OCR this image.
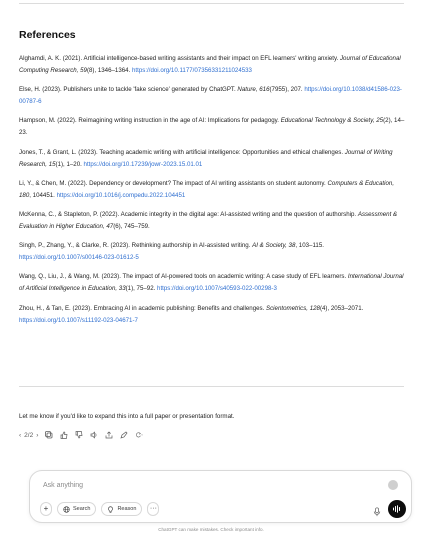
References
Alghamdi, A. K. (2021). Artificial intelligence-based writing assistants and their impact on EFL learners' writing anxiety. Journal of Educational Computing Research, 59(8), 1346–1364. https://doi.org/10.1177/07356331211024533
Else, H. (2023). Publishers unite to tackle 'fake science' generated by ChatGPT. Nature, 616(7955), 207. https://doi.org/10.1038/d41586-023-00787-6
Hampson, M. (2022). Reimagining writing instruction in the age of AI: Implications for pedagogy. Educational Technology & Society, 25(2), 14–23.
Jones, T., & Grant, L. (2023). Teaching academic writing with artificial intelligence: Opportunities and ethical challenges. Journal of Writing Research, 15(1), 1–20. https://doi.org/10.17239/jowr-2023.15.01.01
Li, Y., & Chen, M. (2022). Dependency or development? The impact of AI writing assistants on student autonomy. Computers & Education, 180, 104451. https://doi.org/10.1016/j.compedu.2022.104451
McKenna, C., & Stapleton, P. (2022). Academic integrity in the digital age: AI-assisted writing and the question of authorship. Assessment & Evaluation in Higher Education, 47(6), 745–759.
Singh, P., Zhang, Y., & Clarke, R. (2023). Rethinking authorship in AI-assisted writing. AI & Society, 38, 103–115. https://doi.org/10.1007/s00146-023-01612-5
Wang, Q., Liu, J., & Wang, M. (2023). The impact of AI-powered tools on academic writing: A case study of EFL learners. International Journal of Artificial Intelligence in Education, 33(1), 75–92. https://doi.org/10.1007/s40593-022-00298-3
Zhou, H., & Tan, E. (2023). Embracing AI in academic publishing: Benefits and challenges. Scientometrics, 128(4), 2053–2071. https://doi.org/10.1007/s11192-023-04671-7
Let me know if you'd like to expand this into a full paper or presentation format.
‹ 2/2 ›
Ask anything
+	Search	Reason ···
ChatGPT can make mistakes. Check important info.
